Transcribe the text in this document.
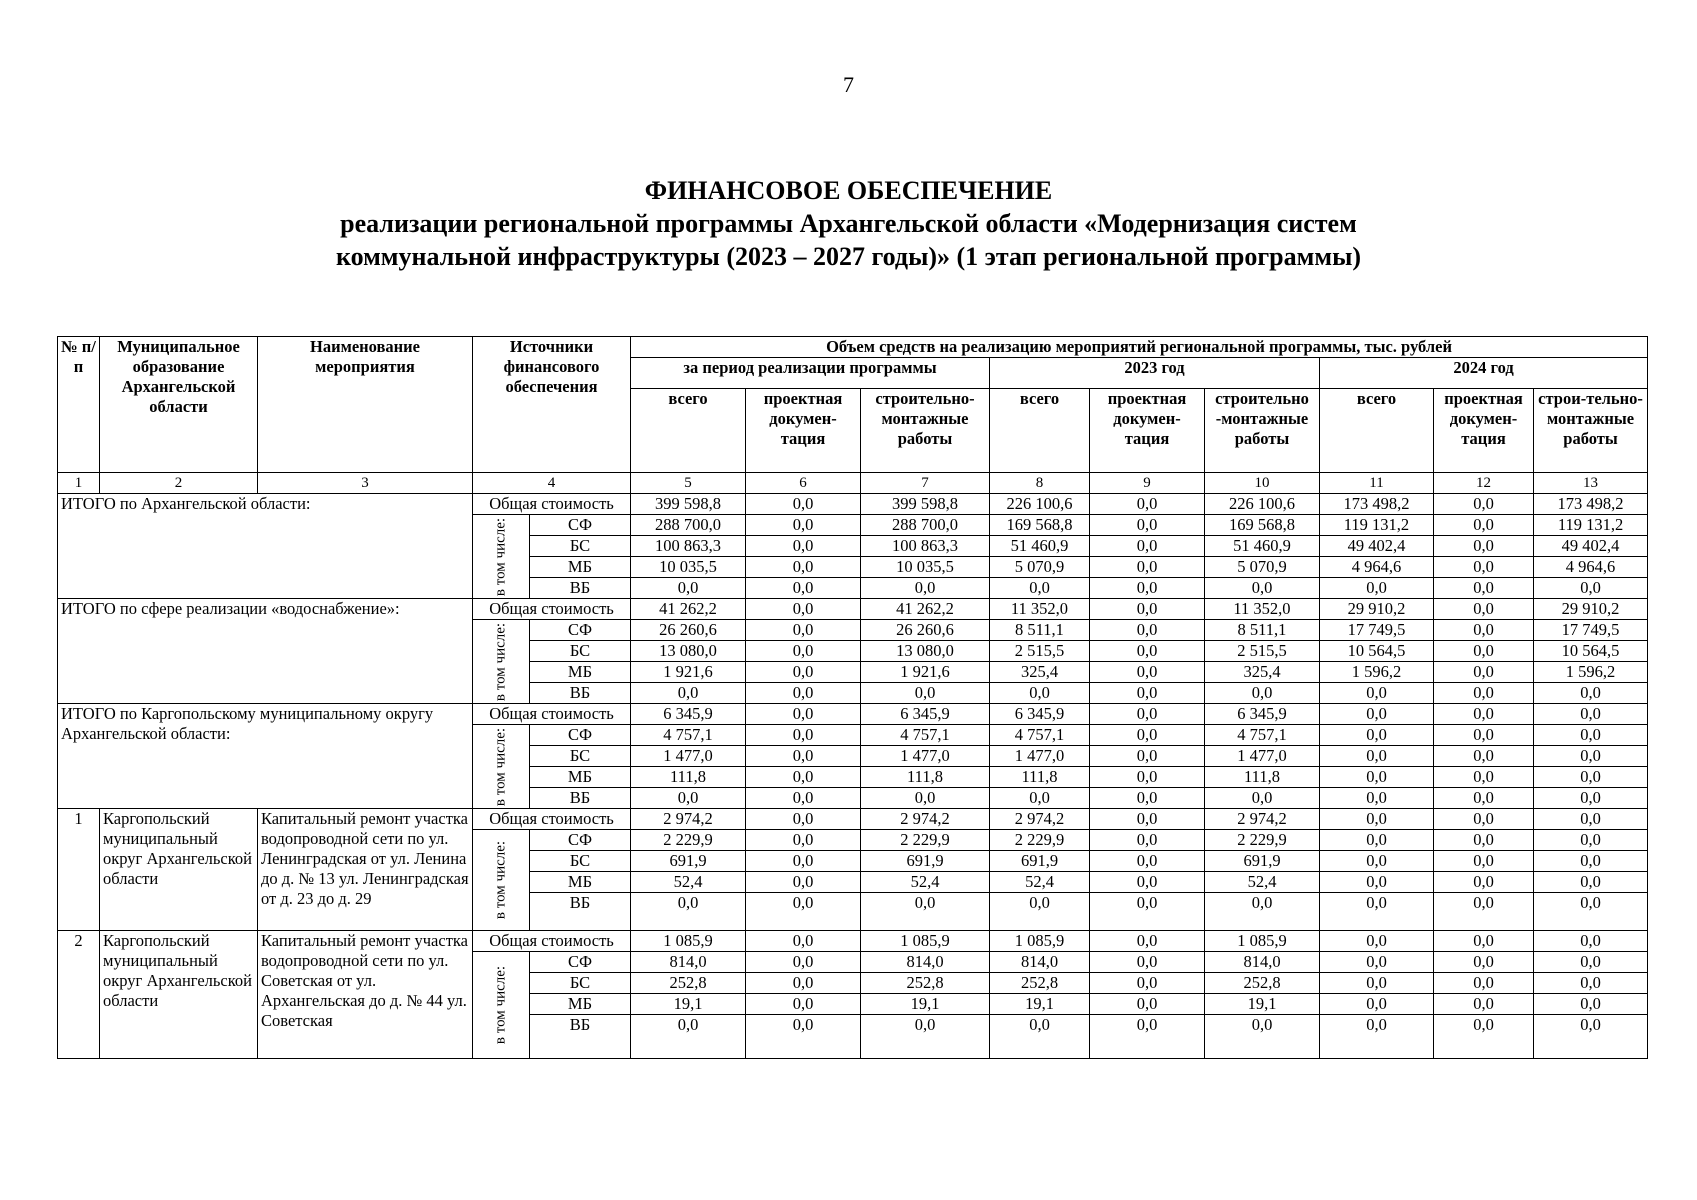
7
ФИНАНСОВОЕ ОБЕСПЕЧЕНИЕ
реализации региональной программы Архангельской области «Модернизация систем
коммунальной инфраструктуры (2023 – 2027 годы)» (1 этап региональной программы)
№ п/п	Муниципальное образование Архангельской области	Наименование мероприятия	Источники финансового обеспечения		Объем средств на реализацию мероприятий региональной программы, тыс. рублей								
					за период реализации программы			2023 год			2024 год		
					всего	проектная докумен-тация	строительно-монтажные работы	всего	проектная докумен-тация	строительно -монтажные работы	всего	проектная докумен-тация	строи-тельно-монтажные работы
1	2	3	4		5	6	7	8	9	10	11	12	13
ИТОГО по Архангельской области:			Общая стоимость		399 598,8	0,0	399 598,8	226 100,6	0,0	226 100,6	173 498,2	0,0	173 498,2

			в том числе:	СФ	288 700,0	0,0	288 700,0	169 568,8	0,0	169 568,8	119 131,2	0,0	119 131,2
				БС	100 863,3	0,0	100 863,3	51 460,9	0,0	51 460,9	49 402,4	0,0	49 402,4
				МБ	10 035,5	0,0	10 035,5	5 070,9	0,0	5 070,9	4 964,6	0,0	4 964,6
				ВБ	0,0	0,0	0,0	0,0	0,0	0,0	0,0	0,0	0,0
ИТОГО по сфере реализации «водоснабжение»:			Общая стоимость		41 262,2	0,0	41 262,2	11 352,0	0,0	11 352,0	29 910,2	0,0	29 910,2

			в том числе:	СФ	26 260,6	0,0	26 260,6	8 511,1	0,0	8 511,1	17 749,5	0,0	17 749,5
				БС	13 080,0	0,0	13 080,0	2 515,5	0,0	2 515,5	10 564,5	0,0	10 564,5
				МБ	1 921,6	0,0	1 921,6	325,4	0,0	325,4	1 596,2	0,0	1 596,2
				ВБ	0,0	0,0	0,0	0,0	0,0	0,0	0,0	0,0	0,0
ИТОГО по Каргопольскому муниципальному округу Архангельской области:			Общая стоимость		6 345,9	0,0	6 345,9	6 345,9	0,0	6 345,9	0,0	0,0	0,0

			в том числе:	СФ	4 757,1	0,0	4 757,1	4 757,1	0,0	4 757,1	0,0	0,0	0,0
				БС	1 477,0	0,0	1 477,0	1 477,0	0,0	1 477,0	0,0	0,0	0,0
				МБ	111,8	0,0	111,8	111,8	0,0	111,8	0,0	0,0	0,0
				ВБ	0,0	0,0	0,0	0,0	0,0	0,0	0,0	0,0	0,0
1	Каргопольский муниципальный округ Архангельской области	Капитальный ремонт участка водопроводной сети по ул. Ленинградская от ул. Ленина до д. № 13 ул. Ленинградская от д. 23 до д. 29	Общая стоимость		2 974,2	0,0	2 974,2	2 974,2	0,0	2 974,2	0,0	0,0	0,0

			в том числе:	СФ	2 229,9	0,0	2 229,9	2 229,9	0,0	2 229,9	0,0	0,0	0,0
				БС	691,9	0,0	691,9	691,9	0,0	691,9	0,0	0,0	0,0
				МБ	52,4	0,0	52,4	52,4	0,0	52,4	0,0	0,0	0,0
				ВБ	0,0	0,0	0,0	0,0	0,0	0,0	0,0	0,0	0,0
2	Каргопольский муниципальный округ Архангельской области	Капитальный ремонт участка водопроводной сети по ул. Советская от ул. Архангельская до д. № 44 ул. Советская	Общая стоимость		1 085,9	0,0	1 085,9	1 085,9	0,0	1 085,9	0,0	0,0	0,0

			в том числе:	СФ	814,0	0,0	814,0	814,0	0,0	814,0	0,0	0,0	0,0
				БС	252,8	0,0	252,8	252,8	0,0	252,8	0,0	0,0	0,0
				МБ	19,1	0,0	19,1	19,1	0,0	19,1	0,0	0,0	0,0
				ВБ	0,0	0,0	0,0	0,0	0,0	0,0	0,0	0,0	0,0
